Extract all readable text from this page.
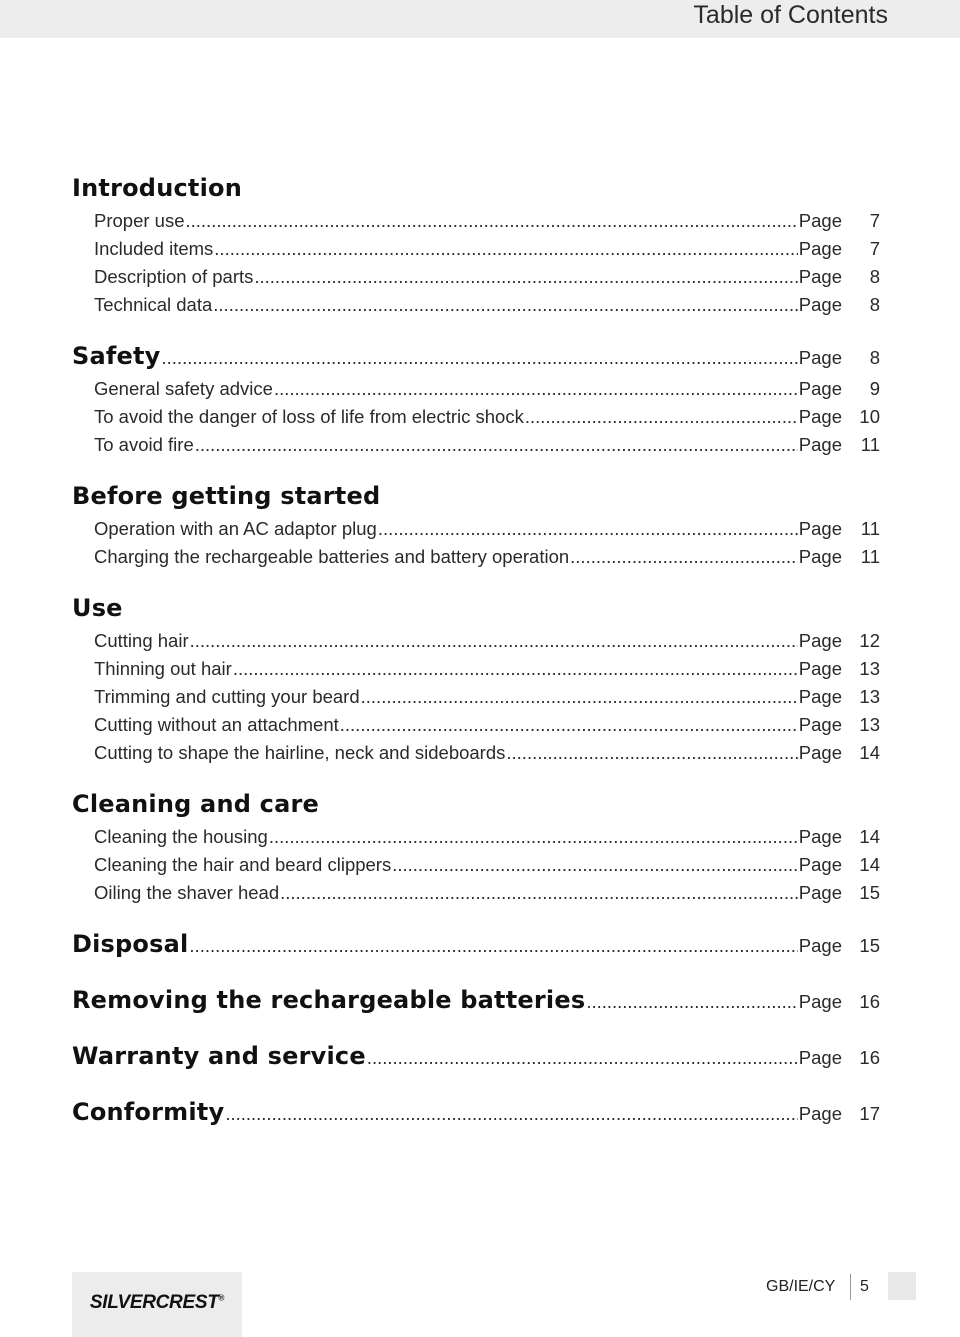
Table of Contents
Introduction
Proper use .....	Page	7
Included items .....	Page	7
Description of parts .....	Page	8
Technical data .....	Page	8
Safety .....	Page	8
General safety advice .....	Page	9
To avoid the danger of loss of life from electric shock .....	Page 10
To avoid fire .....	Page	11
Before getting started
Operation with an AC adaptor plug .....	Page	11
Charging the rechargeable batteries and battery operation .....	Page	11
Use
Cutting hair .....	Page 12
Thinning out hair .....	Page 13
Trimming and cutting your beard .....	Page 13
Cutting without an attachment .....	Page 13
Cutting to shape the hairline, neck and sideboards .....	Page 14
Cleaning and care
Cleaning the housing .....	Page 14
Cleaning the hair and beard clippers .....	Page 14
Oiling the shaver head .....	Page 15
Disposal .....	Page 15
Removing the rechargeable batteries .....	Page 16
Warranty and service .....	Page 16
Conformity .....	Page 17
SILVERCREST®
GB/IE/CY 5
